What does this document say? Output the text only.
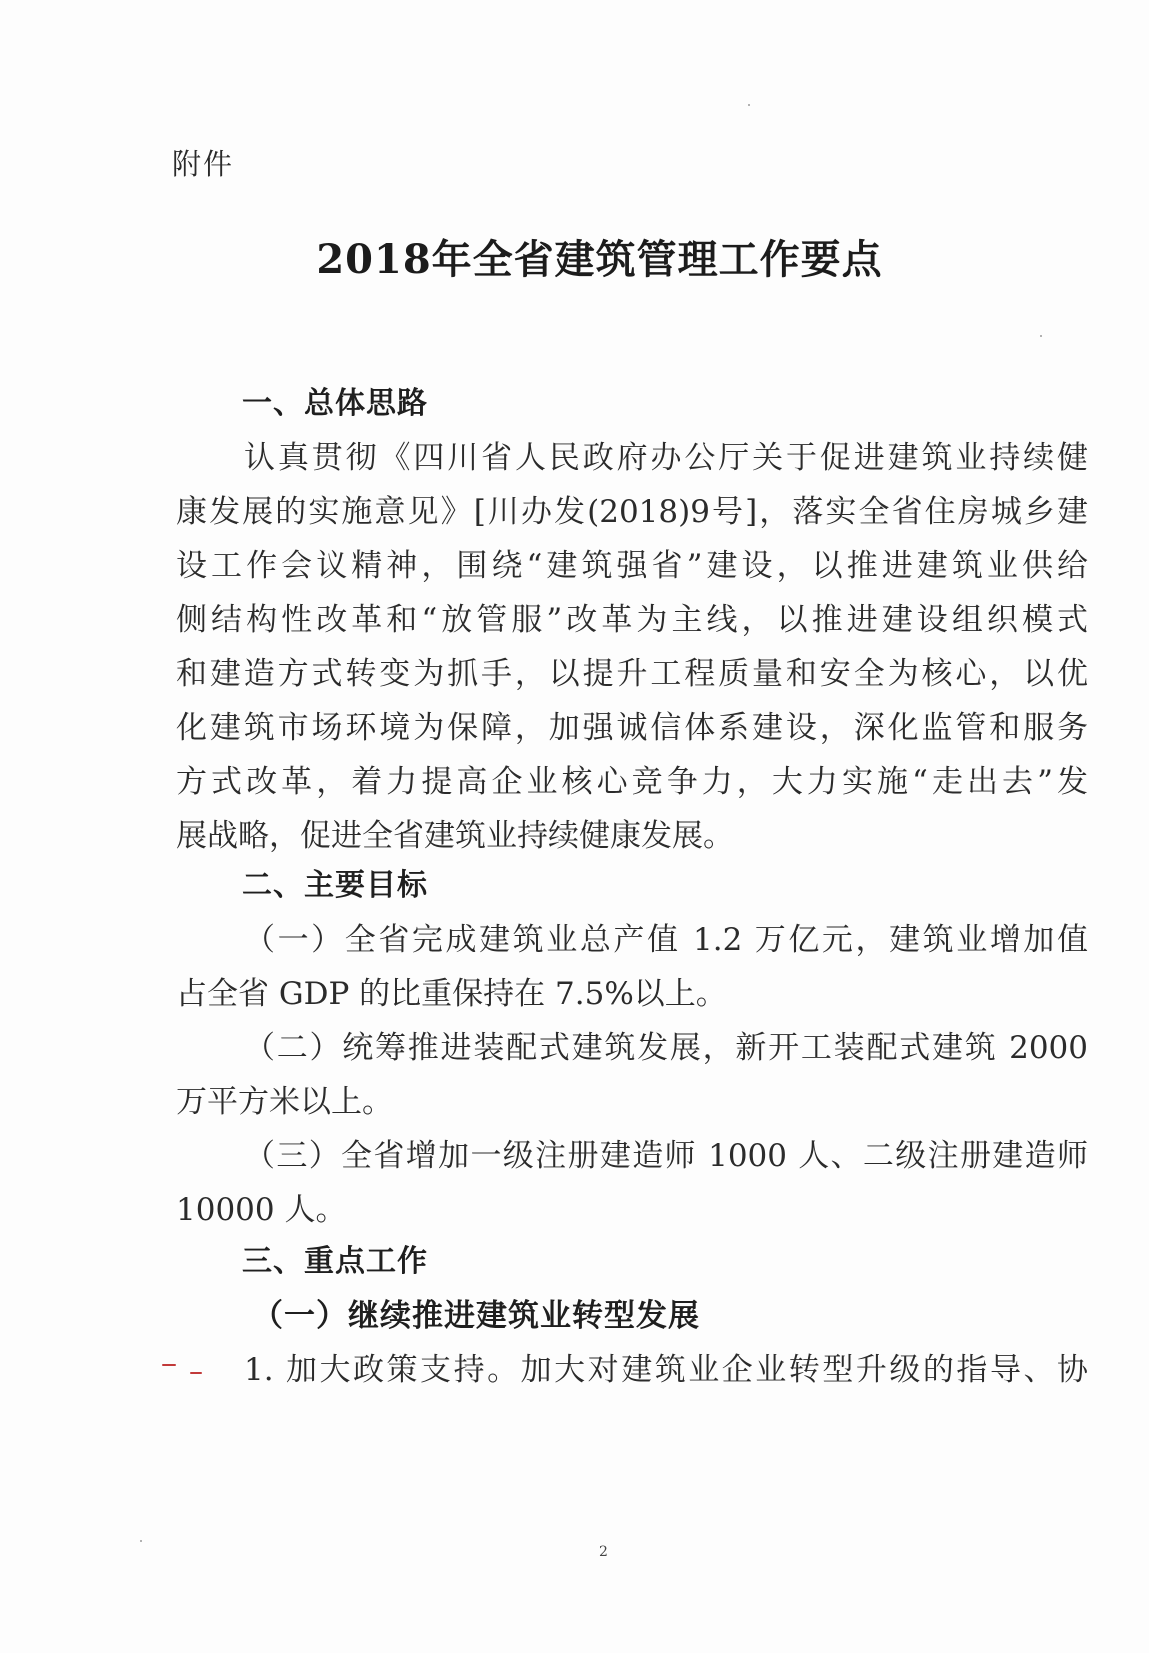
附件
2018年全省建筑管理工作要点
一、总体思路
认真贯彻《四川省人民政府办公厅关于促进建筑业持续健
康发展的实施意见》[川办发(2018)9号]，落实全省住房城乡建
设工作会议精神，围绕“建筑强省”建设，以推进建筑业供给
侧结构性改革和“放管服”改革为主线，以推进建设组织模式
和建造方式转变为抓手，以提升工程质量和安全为核心，以优
化建筑市场环境为保障，加强诚信体系建设，深化监管和服务
方式改革，着力提高企业核心竞争力，大力实施“走出去”发
展战略，促进全省建筑业持续健康发展。
二、主要目标
（一）全省完成建筑业总产值 1.2 万亿元，建筑业增加值
占全省 GDP 的比重保持在 7.5%以上。
（二）统筹推进装配式建筑发展，新开工装配式建筑 2000
万平方米以上。
（三）全省增加一级注册建造师 1000 人、二级注册建造师
10000 人。
三、重点工作
（一）继续推进建筑业转型发展
1. 加大政策支持。加大对建筑业企业转型升级的指导、协
2
